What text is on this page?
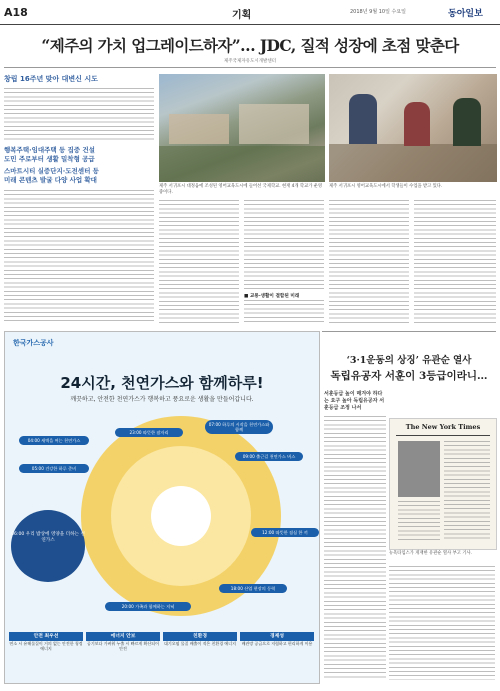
A18	기획	2018년 9월 10일 수요일	동아일보
“제주의 가치 업그레이드하자”… JDC, 질적 성장에 초점 맞춘다
제주국제자유도시개발센터
창립 16주년 맞아 대변신 시도
행복주택·임대주택 등 집중 건설
도민 주로부터 생활 밀착형 공급
스마트시티 실증단지·도전센터 등
미래 콘텐츠 발굴 다양 사업 확대
제주 서귀포시 대정읍에 조성된 영어교육도시에 들어선 국제학교. 현재 4개 학교가 운영 중이다.
제주 서귀포시 영어교육도시에서 학생들이 수업을 받고 있다.
■ 교통·생활이 결합된 미래
한국가스공사
24시간, 천연가스와 함께하루!
깨끗하고, 안전한 천연가스가 행복하고 풍요로운 생활을 만들어갑니다.
07:00 하루의 시작을 천연가스와 함께
09:00 출근길 천연가스 버스
12:00 따뜻한 점심 한 끼
18:00 산업 현장의 동력
20:00 가족과 함께하는 저녁
23:00 따뜻한 잠자리
04:00 새벽을 여는 천연가스
05:00 건강한 하루 준비
06:00 우리 밥상에 영양을 더하는 천연가스
안전 최우선
연소 시 유해물질이 거의 없는 안전한 청정에너지
에너지 안보
공기보다 가벼워 누출 시 빠르게 확산되어 안전
친환경
대기오염 물질 배출이 적은 친환경 에너지
경제성
배관망 공급으로 저렴하고 편리하게 이용
‘3·1운동의 상징’ 유관순 열사
독립유공자 서훈이 3등급이라니…
서훈등급 높이 매겨야 하다는 요구 높아 독립유공자 서훈등급 조정 나서
The New York Times
뉴욕타임스가 게재한 유관순 열사 부고 기사.
